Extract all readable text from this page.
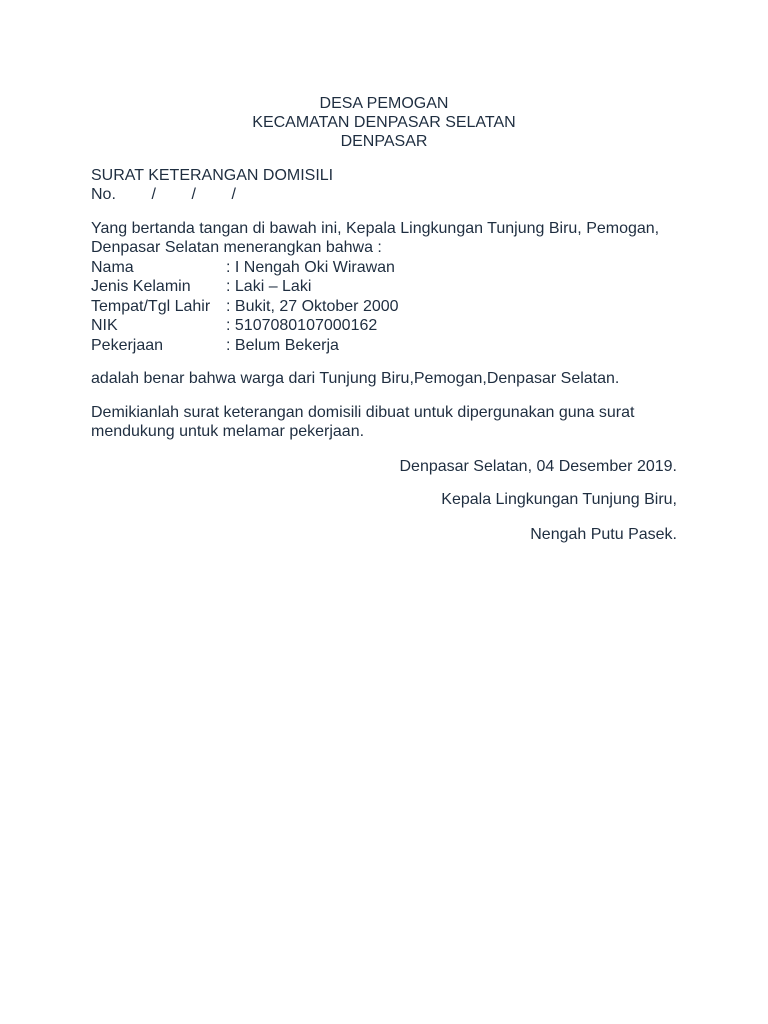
DESA PEMOGAN
KECAMATAN DENPASAR SELATAN
DENPASAR
SURAT KETERANGAN DOMISILI
No.        /        /        /
Yang bertanda tangan di bawah ini, Kepala Lingkungan Tunjung Biru, Pemogan,
Denpasar Selatan menerangkan bahwa :
Nama	: I Nengah Oki Wirawan
Jenis Kelamin : Laki – Laki
Tempat/Tgl Lahir : Bukit, 27 Oktober 2000
NIK	: 5107080107000162
Pekerjaan	: Belum Bekerja
adalah benar bahwa warga dari Tunjung Biru,Pemogan,Denpasar Selatan.
Demikianlah surat keterangan domisili dibuat untuk dipergunakan guna surat
mendukung untuk melamar pekerjaan.
Denpasar Selatan, 04 Desember 2019.
Kepala Lingkungan Tunjung Biru,
Nengah Putu Pasek.
